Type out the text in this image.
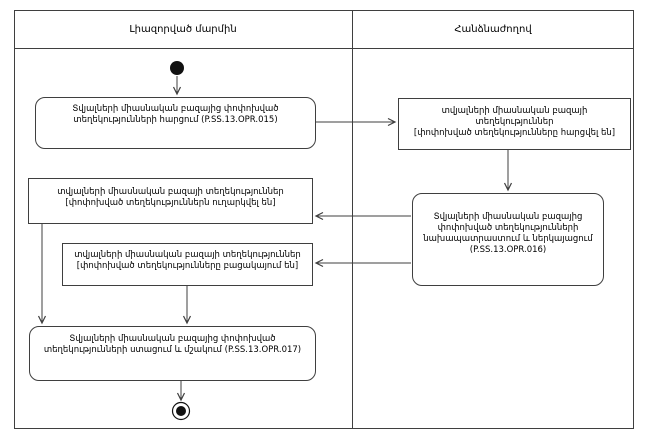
Լիազորված մարմին	Հանձնաժողով
Տվյալների միասնական բազայից փոփոխված տեղեկությունների հարցում (P.SS.13.OPR.015)
տվյալների միասնական բազայի տեղեկություններ
[փոփոխված տեղեկությունները հարցվել են]
Տվյալների միասնական բազայից փոփոխված տեղեկությունների նախապատրաստում և ներկայացում (P.SS.13.OPR.016)
տվյալների միասնական բազայի տեղեկություններ
[փոփոխված տեղեկություններն ուղարկվել են]
տվյալների միասնական բազայի տեղեկություններ
[փոփոխված տեղեկությունները բացակայում են]
Տվյալների միասնական բազայից փոփոխված տեղեկությունների ստացում և մշակում (P.SS.13.OPR.017)
